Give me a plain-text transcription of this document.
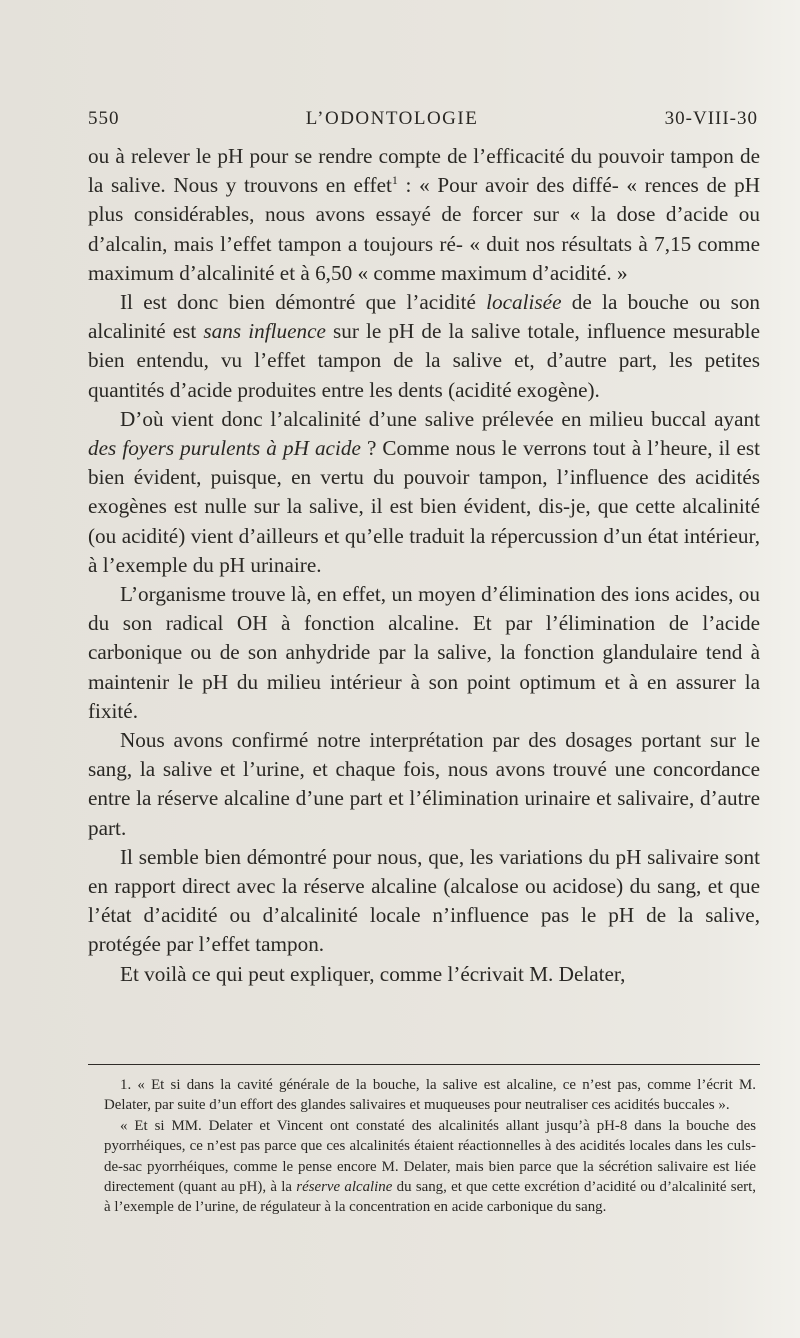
550	L’ODONTOLOGIE	30-VIII-30

ou à relever le pH pour se rendre compte de l’efficacité du pouvoir tampon de la salive. Nous y trouvons en effet$^1$ : « Pour avoir des diffé- « rences de pH plus considérables, nous avons essayé de forcer sur « la dose d’acide ou d’alcalin, mais l’effet tampon a toujours ré- « duit nos résultats à 7,15 comme maximum d’alcalinité et à 6,50 « comme maximum d’acidité. »

Il est donc bien démontré que l’acidité localisée de la bouche ou son alcalinité est sans influence sur le pH de la salive totale, influence mesurable bien entendu, vu l’effet tampon de la salive et, d’autre part, les petites quantités d’acide produites entre les dents (acidité exogène).

D’où vient donc l’alcalinité d’une salive prélevée en milieu buccal ayant des foyers purulents à pH acide ? Comme nous le verrons tout à l’heure, il est bien évident, puisque, en vertu du pouvoir tampon, l’influence des acidités exogènes est nulle sur la salive, il est bien évident, dis-je, que cette alcalinité (ou acidité) vient d’ailleurs et qu’elle traduit la répercussion d’un état intérieur, à l’exemple du pH urinaire.

L’organisme trouve là, en effet, un moyen d’élimination des ions acides, ou du son radical OH à fonction alcaline. Et par l’élimination de l’acide carbonique ou de son anhydride par la salive, la fonction glandulaire tend à maintenir le pH du milieu intérieur à son point optimum et à en assurer la fixité.

Nous avons confirmé notre interprétation par des dosages portant sur le sang, la salive et l’urine, et chaque fois, nous avons trouvé une concordance entre la réserve alcaline d’une part et l’élimination urinaire et salivaire, d’autre part.

Il semble bien démontré pour nous, que, les variations du pH salivaire sont en rapport direct avec la réserve alcaline (alcalose ou acidose) du sang, et que l’état d’acidité ou d’alcalinité locale n’influence pas le pH de la salive, protégée par l’effet tampon.

Et voilà ce qui peut expliquer, comme l’écrivait M. Delater,

1. « Et si dans la cavité générale de la bouche, la salive est alcaline, ce n’est pas, comme l’écrit M. Delater, par suite d’un effort des glandes salivaires et muqueuses pour neutraliser ces acidités buccales ».

« Et si MM. Delater et Vincent ont constaté des alcalinités allant jusqu’à pH-8 dans la bouche des pyorrhéiques, ce n’est pas parce que ces alcalinités étaient réactionnelles à des acidités locales dans les culs-de-sac pyorrhéiques, comme le pense encore M. Delater, mais bien parce que la sécrétion salivaire est liée directement (quant au pH), à la réserve alcaline du sang, et que cette excrétion d’acidité ou d’alcalinité sert, à l’exemple de l’urine, de régulateur à la concentration en acide carbonique du sang.
